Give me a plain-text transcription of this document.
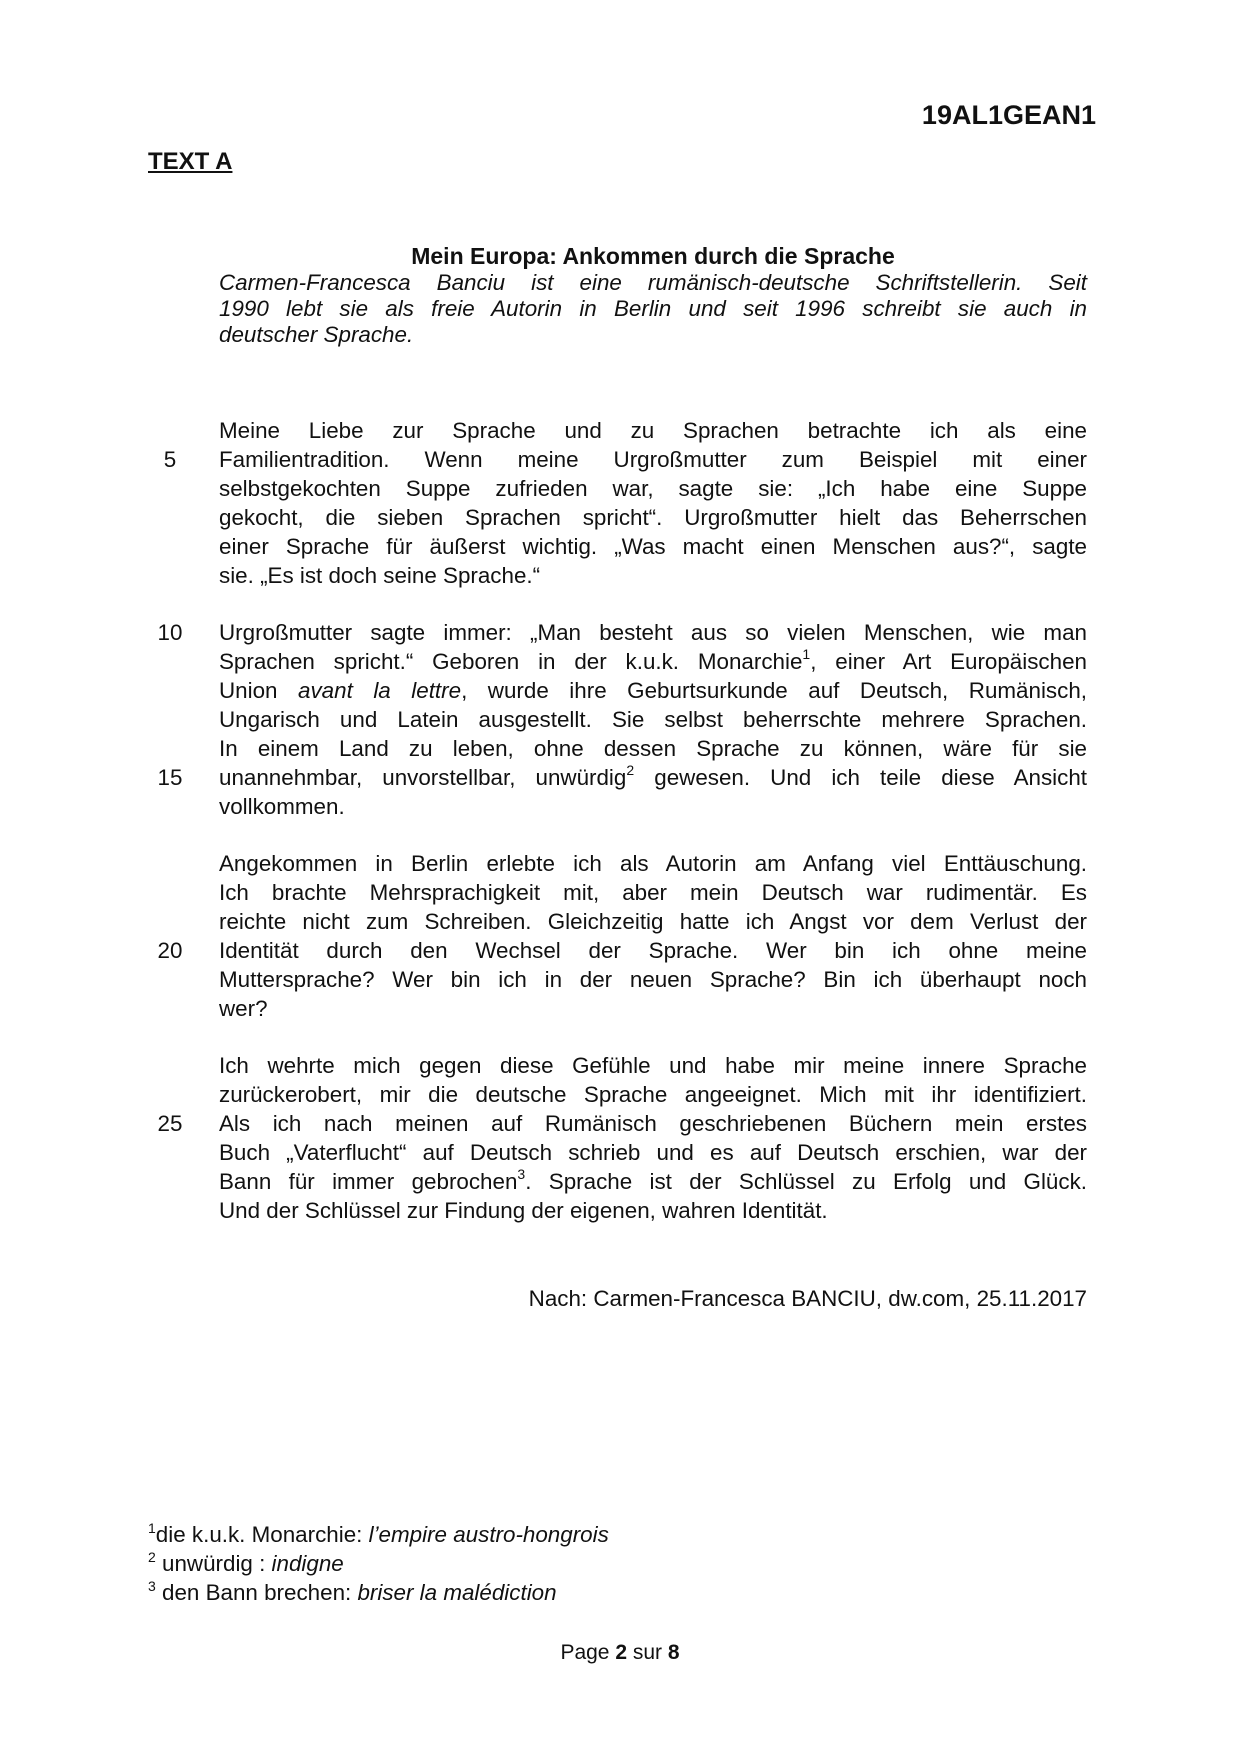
19AL1GEAN1
TEXT A
Mein Europa: Ankommen durch die Sprache
Carmen-Francesca Banciu ist eine rumänisch-deutsche Schriftstellerin. Seit
1990 lebt sie als freie Autorin in Berlin und seit 1996 schreibt sie auch in
deutscher Sprache.
Meine Liebe zur Sprache und zu Sprachen betrachte ich als eine
Familientradition. Wenn meine Urgroßmutter zum Beispiel mit einer
selbstgekochten Suppe zufrieden war, sagte sie: „Ich habe eine Suppe
gekocht, die sieben Sprachen spricht“. Urgroßmutter hielt das Beherrschen
einer Sprache für äußerst wichtig. „Was macht einen Menschen aus?“, sagte
sie. „Es ist doch seine Sprache.“
Urgroßmutter sagte immer: „Man besteht aus so vielen Menschen, wie man
Sprachen spricht.“ Geboren in der k.u.k. Monarchie$^1$, einer Art Europäischen
Union avant la lettre, wurde ihre Geburtsurkunde auf Deutsch, Rumänisch,
Ungarisch und Latein ausgestellt. Sie selbst beherrschte mehrere Sprachen.
In einem Land zu leben, ohne dessen Sprache zu können, wäre für sie
unannehmbar, unvorstellbar, unwürdig$^2$ gewesen. Und ich teile diese Ansicht
vollkommen.
Angekommen in Berlin erlebte ich als Autorin am Anfang viel Enttäuschung.
Ich brachte Mehrsprachigkeit mit, aber mein Deutsch war rudimentär. Es
reichte nicht zum Schreiben. Gleichzeitig hatte ich Angst vor dem Verlust der
Identität durch den Wechsel der Sprache. Wer bin ich ohne meine
Muttersprache? Wer bin ich in der neuen Sprache? Bin ich überhaupt noch
wer?
Ich wehrte mich gegen diese Gefühle und habe mir meine innere Sprache
zurückerobert, mir die deutsche Sprache angeeignet. Mich mit ihr identifiziert.
Als ich nach meinen auf Rumänisch geschriebenen Büchern mein erstes
Buch „Vaterflucht“ auf Deutsch schrieb und es auf Deutsch erschien, war der
Bann für immer gebrochen$^3$. Sprache ist der Schlüssel zu Erfolg und Glück.
Und der Schlüssel zur Findung der eigenen, wahren Identität.
5
10
15
20
25
Nach: Carmen-Francesca BANCIU, dw.com, 25.11.2017
$^1$die k.u.k. Monarchie: l’empire austro-hongrois
$^2$ unwürdig : indigne
$^3$ den Bann brechen: briser la malédiction
Page 2 sur 8
